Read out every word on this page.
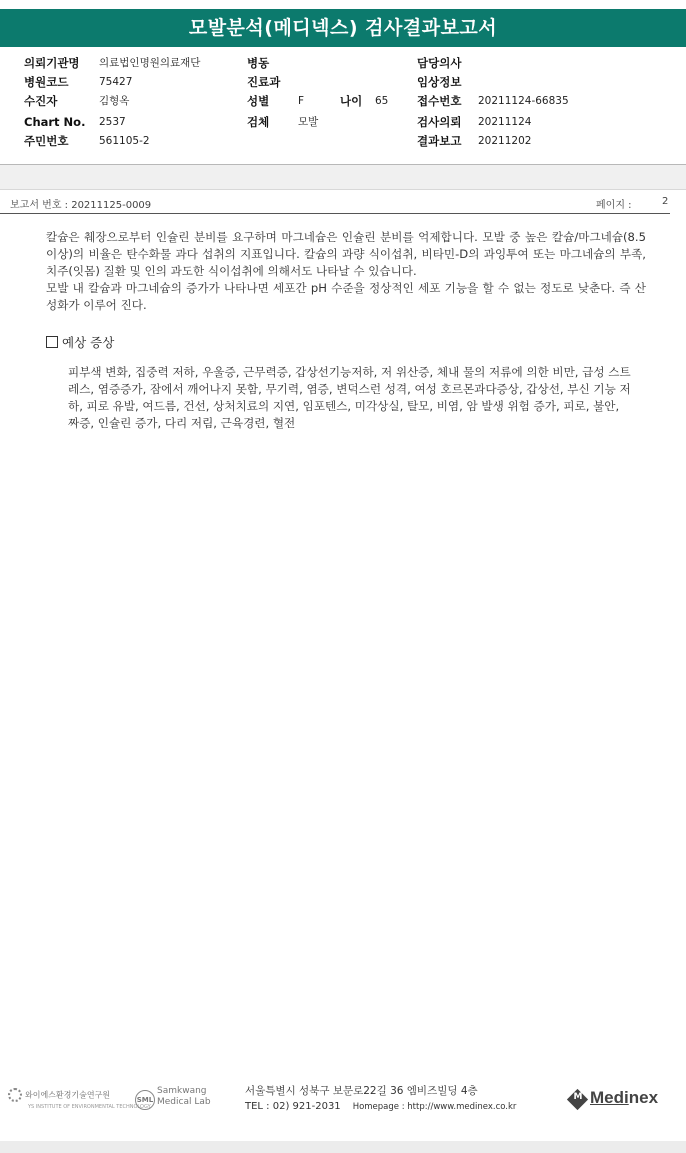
모발분석(메디넥스) 검사결과보고서
의뢰기관명 의료법인명원의료재단	병동	담당의사
병원코드	75427	진료과	임상정보
수진자	김형옥	성별	F	나이 65 접수번호 20211124-66835
Chart No. 2537	검체	모발	검사의뢰 20211124
주민번호	561105-2	결과보고 20211202
보고서 번호 : 20211125-0009	페이지 :	2

칼슘은 췌장으로부터 인슐린 분비를 요구하며 마그네슘은 인슐린 분비를 억제합니다. 모발 중 높은 칼슘/마그네슘(8.5이상)의 비율은 탄수화물 과다 섭취의 지표입니다. 칼슘의 과량 식이섭취, 비타민-D의 과잉투여 또는 마그네슘의 부족, 치주(잇몸) 질환 및 인의 과도한 식이섭취에 의해서도 나타날 수 있습니다.

모발 내 칼슘과 마그네슘의 증가가 나타나면 세포간 pH 수준을 정상적인 세포 기능을 할 수 없는 정도로 낮춘다. 즉 산성화가 이루어 진다.

예상 증상
피부색 변화, 집중력 저하, 우울증, 근무력증, 갑상선기능저하, 저 위산증, 체내 물의 저류에 의한 비만, 급성 스트레스, 염증증가, 잠에서 깨어나지 못함, 무기력, 염증, 변덕스런 성격, 여성 호르몬과다증상, 갑상선, 부신 기능 저하, 피로 유발, 여드름, 건선, 상처치료의 지연, 임포텐스, 미각상실, 탈모, 비염, 암 발생 위험 증가, 피로, 불안, 짜증, 인슐린 증가, 다리 저림, 근육경련, 혈전
와이에스환경기술연구원
YS INSTITUTE OF ENVIRONMENTAL TECHNOLOGY
SML
Samkwang
Medical Lab
서울특별시 성북구 보문로22길 36 엠비즈빌딩 4층
TEL : 02) 921-2031 Homepage : http://www.medinex.co.kr
M Medinex
